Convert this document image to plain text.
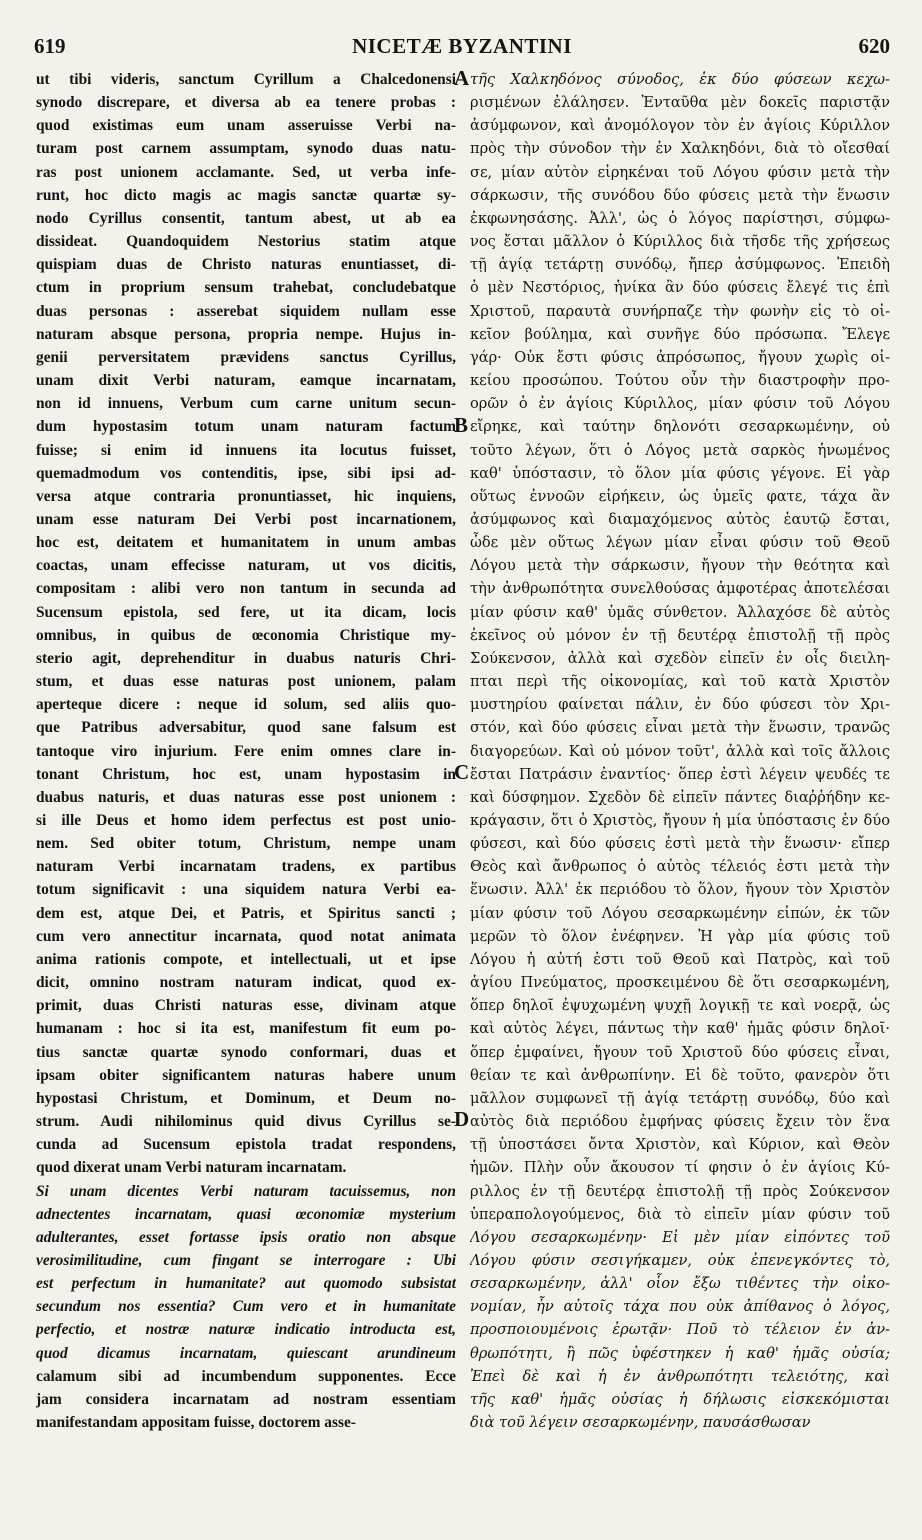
619	NICETÆ BYZANTINI	620
ut tibi videris, sanctum Cyrillum a Chalcedonensi
synodo discrepare, et diversa ab ea tenere probas :
quod existimas eum unam asseruisse Verbi na-
turam post carnem assumptam, synodo duas natu-
ras post unionem acclamante. Sed, ut verba infe-
runt, hoc dicto magis ac magis sanctæ quartæ sy-
nodo Cyrillus consentit, tantum abest, ut ab ea
dissideat. Quandoquidem Nestorius statim atque
quispiam duas de Christo naturas enuntiasset, di-
ctum in proprium sensum trahebat, concludebatque
duas personas : asserebat siquidem nullam esse
naturam absque persona, propria nempe. Hujus in-
genii perversitatem prævidens sanctus Cyrillus,
unam dixit Verbi naturam, eamque incarnatam,
non id innuens, Verbum cum carne unitum secun-
dum hypostasim totum unam naturam factum
fuisse; si enim id innuens ita locutus fuisset,
quemadmodum vos contenditis, ipse, sibi ipsi ad-
versa atque contraria pronuntiasset, hic inquiens,
unam esse naturam Dei Verbi post incarnationem,
hoc est, deitatem et humanitatem in unum ambas
coactas, unam effecisse naturam, ut vos dicitis,
compositam : alibi vero non tantum in secunda ad
Sucensum epistola, sed fere, ut ita dicam, locis
omnibus, in quibus de œconomia Christique my-
sterio agit, deprehenditur in duabus naturis Chri-
stum, et duas esse naturas post unionem, palam
aperteque dicere : neque id solum, sed aliis quo-
que Patribus adversabitur, quod sane falsum est
tantoque viro injurium. Fere enim omnes clare in-
tonant Christum, hoc est, unam hypostasim in
duabus naturis, et duas naturas esse post unionem :
si ille Deus et homo idem perfectus est post unio-
nem. Sed obiter totum, Christum, nempe unam
naturam Verbi incarnatam tradens, ex partibus
totum significavit : una siquidem natura Verbi ea-
dem est, atque Dei, et Patris, et Spiritus sancti ;
cum vero annectitur incarnata, quod notat animata
anima rationis compote, et intellectuali, ut et ipse
dicit, omnino nostram naturam indicat, quod ex-
primit, duas Christi naturas esse, divinam atque
humanam : hoc si ita est, manifestum fit eum po-
tius sanctæ quartæ synodo conformari, duas et
ipsam obiter significantem naturas habere unum
hypostasi Christum, et Dominum, et Deum no-
strum. Audi nihilominus quid divus Cyrillus se-
cunda ad Sucensum epistola tradat respondens,
quod dixerat unam Verbi naturam incarnatam.
Si unam dicentes Verbi naturam tacuissemus, non
adnectentes incarnatam, quasi œconomiæ mysterium
adulterantes, esset fortasse ipsis oratio non absque
verosimilitudine, cum fingant se interrogare : Ubi
est perfectum in humanitate? aut quomodo subsistat
secundum nos essentia? Cum vero et in humanitate
perfectio, et nostræ naturæ indicatio introducta est,
quod dicamus incarnatam, quiescant arundineum
calamum sibi ad incumbendum supponentes. Ecce
jam considera incarnatam ad nostram essentiam
manifestandam appositam fuisse, doctorem asse-
τῆς Χαλκηδόνος σύνοδος, ἐκ δύο φύσεων κεχω-
ρισμένων ἐλάλησεν. Ἐνταῦθα μὲν δοκεῖς παριστᾷν
ἀσύμφωνον, καὶ ἀνομόλογον τὸν ἐν ἁγίοις Κύριλλον
πρὸς τὴν σύνοδον τὴν ἐν Χαλκηδόνι, διὰ τὸ οἴεσθαί
σε, μίαν αὐτὸν εἰρηκέναι τοῦ Λόγου φύσιν μετὰ τὴν
σάρκωσιν, τῆς συνόδου δύο φύσεις μετὰ τὴν ἕνωσιν
ἐκφωνησάσης. Ἀλλ', ὡς ὁ λόγος παρίστησι, σύμφω-
νος ἔσται μᾶλλον ὁ Κύριλλος διὰ τῆσδε τῆς χρήσεως
τῇ ἁγίᾳ τετάρτῃ συνόδῳ, ἤπερ ἀσύμφωνος. Ἐπειδὴ
ὁ μὲν Νεστόριος, ἡνίκα ἂν δύο φύσεις ἔλεγέ τις ἐπὶ
Χριστοῦ, παραυτὰ συνήρπαζε τὴν φωνὴν εἰς τὸ οἰ-
κεῖον βούλημα, καὶ συνῆγε δύο πρόσωπα. Ἔλεγε
γάρ· Οὐκ ἔστι φύσις ἀπρόσωπος, ἤγουν χωρὶς οἰ-
κείου προσώπου. Τούτου οὖν τὴν διαστροφὴν προ-
ορῶν ὁ ἐν ἁγίοις Κύριλλος, μίαν φύσιν τοῦ Λόγου
εἴρηκε, καὶ ταύτην δηλονότι σεσαρκωμένην, οὐ
τοῦτο λέγων, ὅτι ὁ Λόγος μετὰ σαρκὸς ἡνωμένος
καθ' ὑπόστασιν, τὸ ὅλον μία φύσις γέγονε. Εἰ γὰρ
οὕτως ἐννοῶν εἰρήκειν, ὡς ὑμεῖς φατε, τάχα ἂν
ἀσύμφωνος καὶ διαμαχόμενος αὐτὸς ἑαυτῷ ἔσται,
ὧδε μὲν οὕτως λέγων μίαν εἶναι φύσιν τοῦ Θεοῦ
Λόγου μετὰ τὴν σάρκωσιν, ἤγουν τὴν θεότητα καὶ
τὴν ἀνθρωπότητα συνελθούσας ἀμφοτέρας ἀποτελέσαι
μίαν φύσιν καθ' ὑμᾶς σύνθετον. Ἀλλαχόσε δὲ αὐτὸς
ἐκεῖνος οὐ μόνον ἐν τῇ δευτέρᾳ ἐπιστολῇ τῇ πρὸς
Σούκενσον, ἀλλὰ καὶ σχεδὸν εἰπεῖν ἐν οἷς διειλη-
πται περὶ τῆς οἰκονομίας, καὶ τοῦ κατὰ Χριστὸν
μυστηρίου φαίνεται πάλιν, ἐν δύο φύσεσι τὸν Χρι-
στόν, καὶ δύο φύσεις εἶναι μετὰ τὴν ἕνωσιν, τρανῶς
διαγορεύων. Καὶ οὐ μόνον τοῦτ', ἀλλὰ καὶ τοῖς ἄλλοις
ἔσται Πατράσιν ἐναντίος· ὅπερ ἐστὶ λέγειν ψευδές τε
καὶ δύσφημον. Σχεδὸν δὲ εἰπεῖν πάντες διαῤῥήδην κε-
κράγασιν, ὅτι ὁ Χριστὸς, ἤγουν ἡ μία ὑπόστασις ἐν δύο
φύσεσι, καὶ δύο φύσεις ἐστὶ μετὰ τὴν ἕνωσιν· εἴπερ
Θεὸς καὶ ἄνθρωπος ὁ αὐτὸς τέλειός ἐστι μετὰ τὴν
ἕνωσιν. Ἀλλ' ἐκ περιόδου τὸ ὅλον, ἤγουν τὸν Χριστὸν
μίαν φύσιν τοῦ Λόγου σεσαρκωμένην εἰπών, ἐκ τῶν
μερῶν τὸ ὅλον ἐνέφηνεν. Ἡ γὰρ μία φύσις τοῦ
Λόγου ἡ αὐτή ἐστι τοῦ Θεοῦ καὶ Πατρὸς, καὶ τοῦ
ἁγίου Πνεύματος, προσκειμένου δὲ ὅτι σεσαρκωμένη,
ὅπερ δηλοῖ ἐψυχωμένη ψυχῇ λογικῇ τε καὶ νοερᾷ, ὡς
καὶ αὐτὸς λέγει, πάντως τὴν καθ' ἡμᾶς φύσιν δηλοῖ·
ὅπερ ἐμφαίνει, ἤγουν τοῦ Χριστοῦ δύο φύσεις εἶναι,
θείαν τε καὶ ἀνθρωπίνην. Εἰ δὲ τοῦτο, φανερὸν ὅτι
μᾶλλον συμφωνεῖ τῇ ἁγίᾳ τετάρτῃ συνόδῳ, δύο καὶ
αὐτὸς διὰ περιόδου ἐμφήνας φύσεις ἔχειν τὸν ἕνα
τῇ ὑποστάσει ὄντα Χριστὸν, καὶ Κύριον, καὶ Θεὸν
ἡμῶν. Πλὴν οὖν ἄκουσον τί φησιν ὁ ἐν ἁγίοις Κύ-
ριλλος ἐν τῇ δευτέρᾳ ἐπιστολῇ τῇ πρὸς Σούκενσον
ὑπεραπολογούμενος, διὰ τὸ εἰπεῖν μίαν φύσιν τοῦ
Λόγου σεσαρκωμένην· Εἰ μὲν μίαν εἰπόντες τοῦ
Λόγου φύσιν σεσιγήκαμεν, οὐκ ἐπενεγκόντες τὸ,
σεσαρκωμένην, ἀλλ' οἷον ἔξω τιθέντες τὴν οἰκο-
νομίαν, ἦν αὐτοῖς τάχα που οὐκ ἀπίθανος ὁ λόγος,
προσποιουμένοις ἐρωτᾷν· Ποῦ τὸ τέλειον ἐν ἀν-
θρωπότητι, ἢ πῶς ὑφέστηκεν ἡ καθ' ἡμᾶς οὐσία;
Ἐπεὶ δὲ καὶ ἡ ἐν ἀνθρωπότητι τελειότης, καὶ
τῆς καθ' ἡμᾶς οὐσίας ἡ δήλωσις εἰσκεκόμισται
διὰ τοῦ λέγειν σεσαρκωμένην, παυσάσθωσαν
A
B
C
D
